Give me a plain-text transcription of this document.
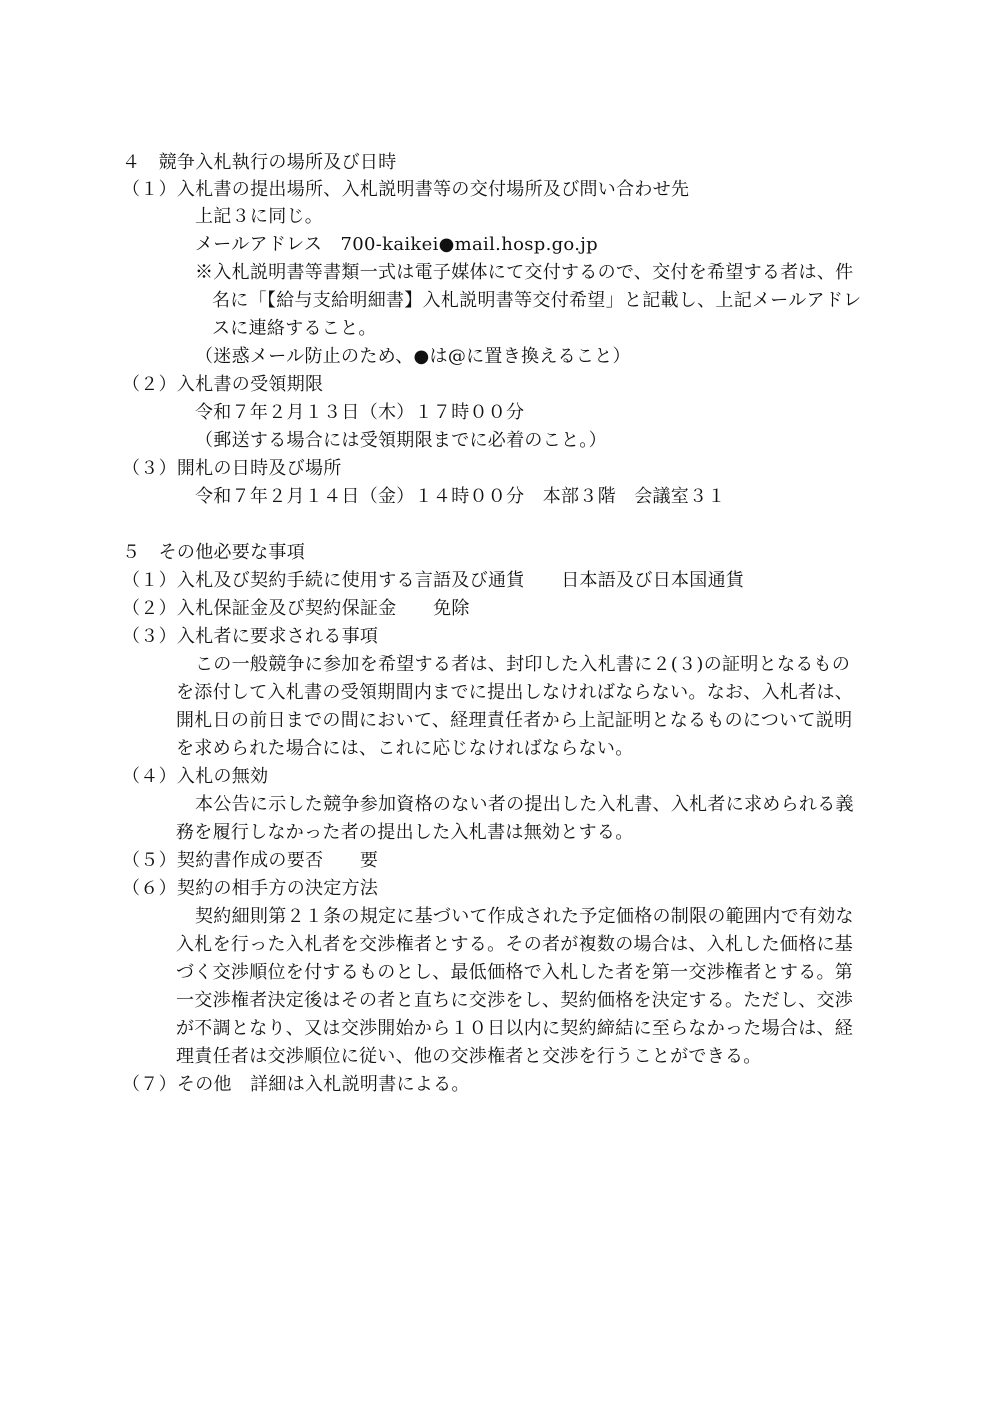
４　競争入札執行の場所及び日時
（１）入札書の提出場所、入札説明書等の交付場所及び問い合わせ先
上記３に同じ。
メールアドレス　700-kaikei●mail.hosp.go.jp
※入札説明書等書類一式は電子媒体にて交付するので、交付を希望する者は、件
名に「【給与支給明細書】入札説明書等交付希望」と記載し、上記メールアドレ
スに連絡すること。
（迷惑メール防止のため、●は@に置き換えること）
（２）入札書の受領期限
令和７年２月１３日（木）１７時００分
（郵送する場合には受領期限までに必着のこと。）
（３）開札の日時及び場所
令和７年２月１４日（金）１４時００分　本部３階　会議室３１
５　その他必要な事項
（１）入札及び契約手続に使用する言語及び通貨　　日本語及び日本国通貨
（２）入札保証金及び契約保証金　　免除
（３）入札者に要求される事項
この一般競争に参加を希望する者は、封印した入札書に２(３)の証明となるもの
を添付して入札書の受領期間内までに提出しなければならない。なお、入札者は、
開札日の前日までの間において、経理責任者から上記証明となるものについて説明
を求められた場合には、これに応じなければならない。
（４）入札の無効
本公告に示した競争参加資格のない者の提出した入札書、入札者に求められる義
務を履行しなかった者の提出した入札書は無効とする。
（５）契約書作成の要否　　要
（６）契約の相手方の決定方法
契約細則第２１条の規定に基づいて作成された予定価格の制限の範囲内で有効な
入札を行った入札者を交渉権者とする。その者が複数の場合は、入札した価格に基
づく交渉順位を付するものとし、最低価格で入札した者を第一交渉権者とする。第
一交渉権者決定後はその者と直ちに交渉をし、契約価格を決定する。ただし、交渉
が不調となり、又は交渉開始から１０日以内に契約締結に至らなかった場合は、経
理責任者は交渉順位に従い、他の交渉権者と交渉を行うことができる。
（７）その他　詳細は入札説明書による。
